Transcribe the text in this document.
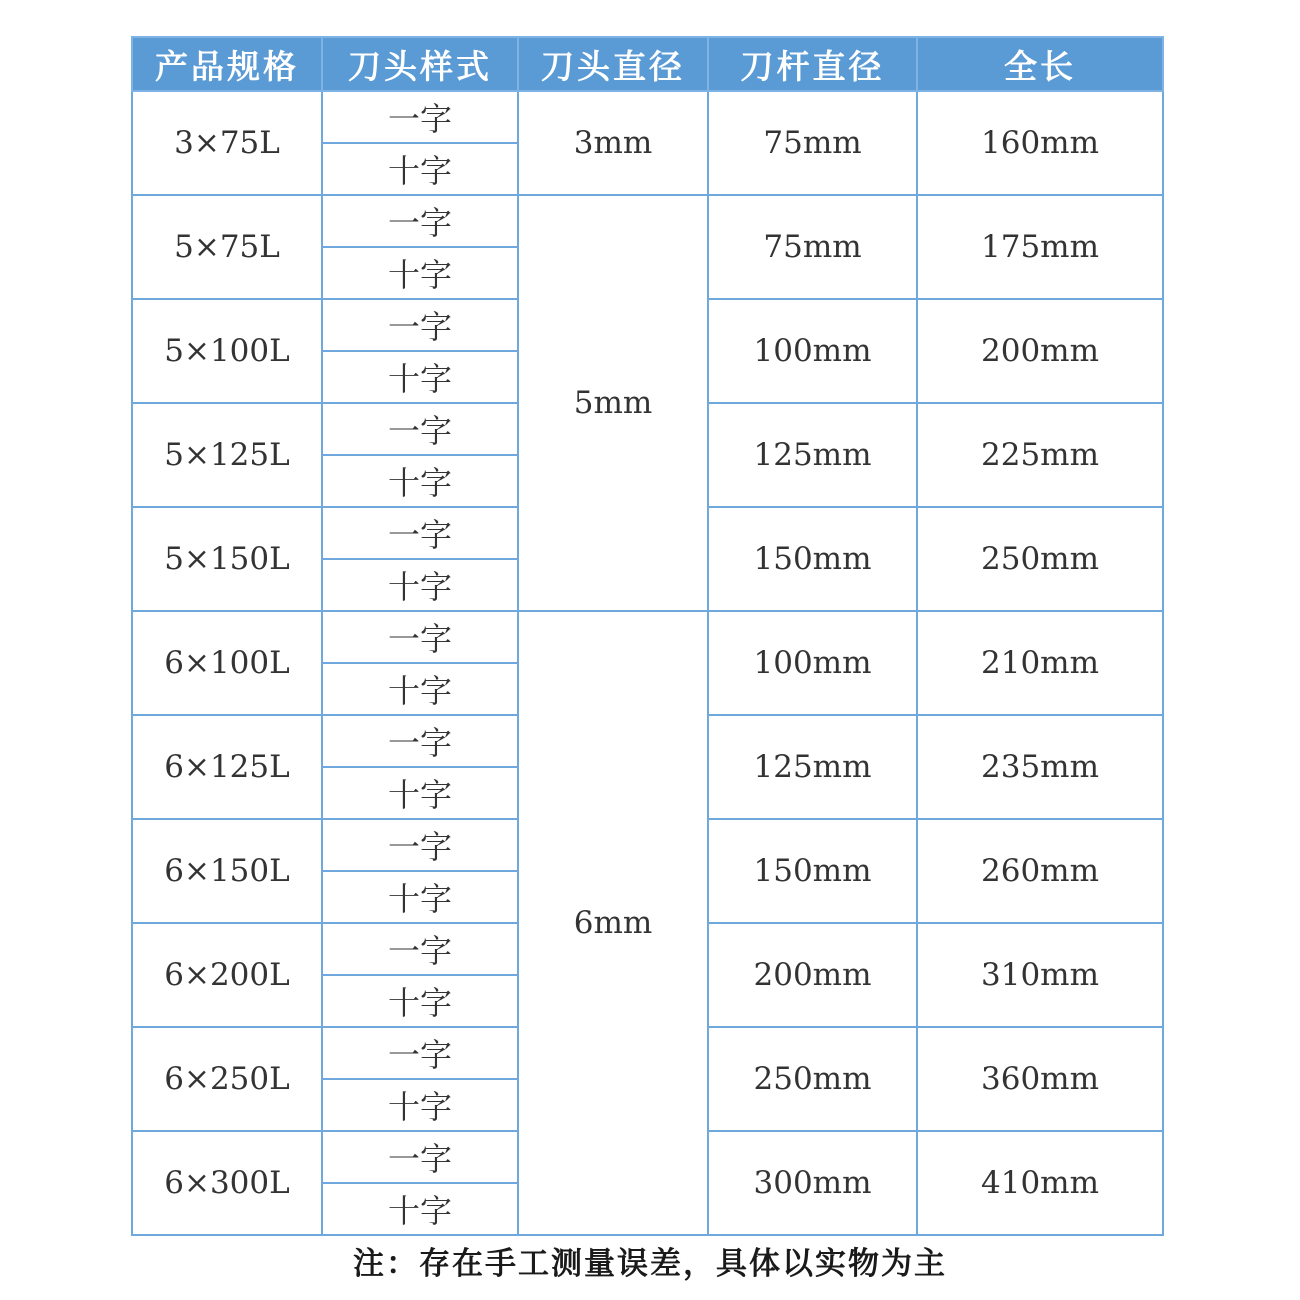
产品规格	刀头样式	刀头直径	刀杆直径	全长
3×75L	一字	3mm	75mm	160mm
	十字			
5×75L	一字	5mm	75mm	175mm
	十字			
5×100L	一字		100mm	200mm
	十字			
5×125L	一字		125mm	225mm
	十字			
5×150L	一字		150mm	250mm
	十字			
6×100L	一字	6mm	100mm	210mm
	十字			
6×125L	一字		125mm	235mm
	十字			
6×150L	一字		150mm	260mm
	十字			
6×200L	一字		200mm	310mm
	十字			
6×250L	一字		250mm	360mm
	十字			
6×300L	一字		300mm	410mm
	十字			
注：存在手工测量误差，具体以实物为主
